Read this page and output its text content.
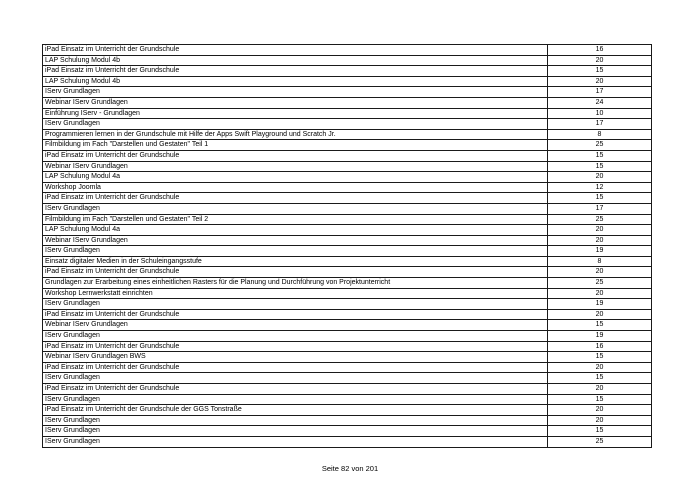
iPad Einsatz im Unterricht der Grundschule	16
LAP Schulung Modul 4b	20
iPad Einsatz im Unterricht der Grundschule	15
LAP Schulung Modul 4b	20
IServ Grundlagen	17
Webinar IServ Grundlagen	24
Einführung IServ - Grundlagen	10
IServ Grundlagen	17
Programmieren lernen in der Grundschule mit Hilfe der Apps Swift Playground und Scratch Jr.	8
Filmbildung im Fach "Darstellen und Gestaten" Teil 1	25
iPad Einsatz im Unterricht der Grundschule	15
Webinar IServ Grundlagen	15
LAP Schulung Modul 4a	20
Workshop Joomla	12
iPad Einsatz im Unterricht der Grundschule	15
IServ Grundlagen	17
Filmbildung im Fach "Darstellen und Gestaten" Teil 2	25
LAP Schulung Modul 4a	20
Webinar IServ Grundlagen	20
IServ Grundlagen	19
Einsatz digitaler Medien in der Schuleingangsstufe	8
iPad Einsatz im Unterricht der Grundschule	20
Grundlagen zur Erarbeitung eines einheitlichen Rasters für die Planung und Durchführung von Projektunterricht	25
Workshop Lernwerkstatt einrichten	20
IServ Grundlagen	19
iPad Einsatz im Unterricht der Grundschule	20
Webinar IServ Grundlagen	15
IServ Grundlagen	19
iPad Einsatz im Unterricht der Grundschule	16
Webinar IServ Grundlagen BWS	15
iPad Einsatz im Unterricht der Grundschule	20
IServ Grundlagen	15
iPad Einsatz im Unterricht der Grundschule	20
IServ Grundlagen	15
iPad Einsatz im Unterricht der Grundschule der GGS Tonstraße	20
IServ Grundlagen	20
IServ Grundlagen	15
IServ Grundlagen	25
Seite 82 von 201
